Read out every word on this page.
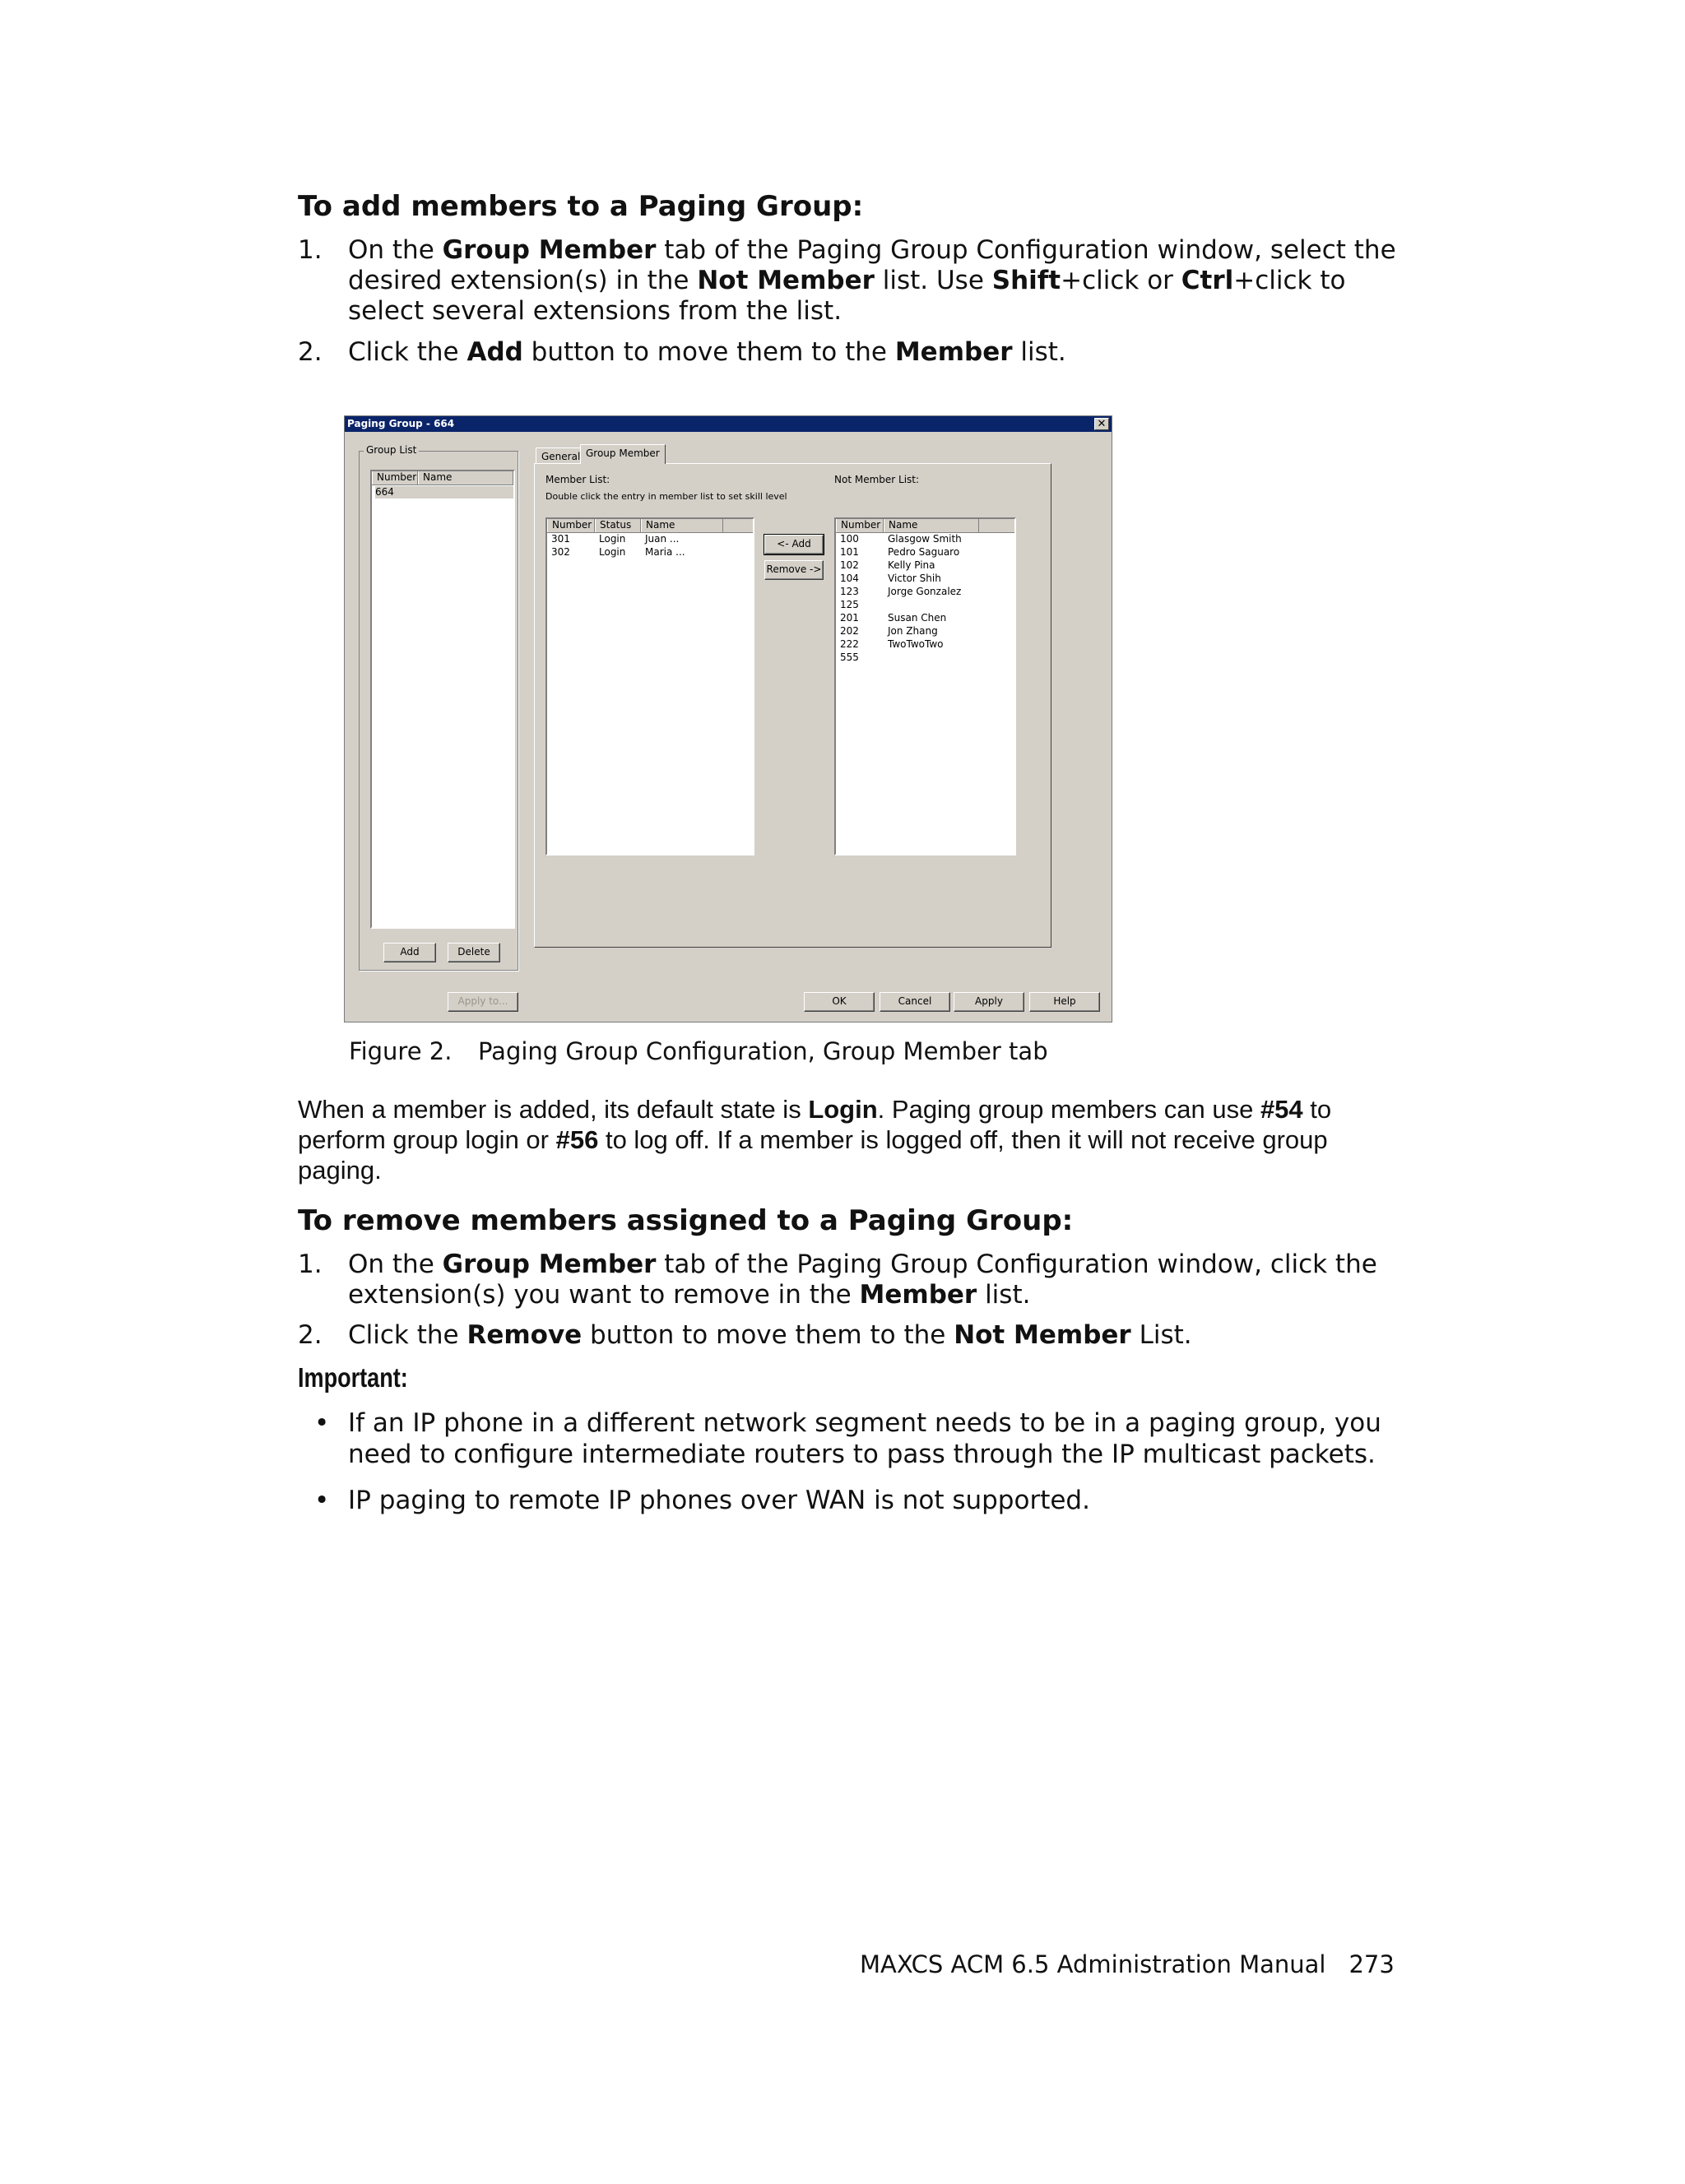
To add members to a Paging Group:
1. On the Group Member tab of the Paging Group Configuration window, select the desired extension(s) in the Not Member list. Use Shift+click or Ctrl+click to select several extensions from the list.
2. Click the Add button to move them to the Member list.
Paging Group - 664	✕
Group List
Number Name
664
Add	Delete
General Group Member
Member List:
Double click the entry in member list to set skill level
Not Member List:
Number Status	Name
301	Login Juan ...
302	Login Maria ...
<- Add
Remove ->
Number Name
100	Glasgow Smith
101	Pedro Saguaro
102	Kelly Pina
104	Victor Shih
123	Jorge Gonzalez
125
201	Susan Chen
202	Jon Zhang
222	TwoTwoTwo
555
Apply to...	OK	Cancel	Apply	Help
Figure 2. Paging Group Configuration, Group Member tab
When a member is added, its default state is Login. Paging group members can use #54 to perform group login or #56 to log off. If a member is logged off, then it will not receive group paging.
To remove members assigned to a Paging Group:
1. On the Group Member tab of the Paging Group Configuration window, click the extension(s) you want to remove in the Member list.
2. Click the Remove button to move them to the Not Member List.
Important:
• If an IP phone in a different network segment needs to be in a paging group, you need to configure intermediate routers to pass through the IP multicast packets.
• IP paging to remote IP phones over WAN is not supported.
MAXCS ACM 6.5 Administration Manual 273
